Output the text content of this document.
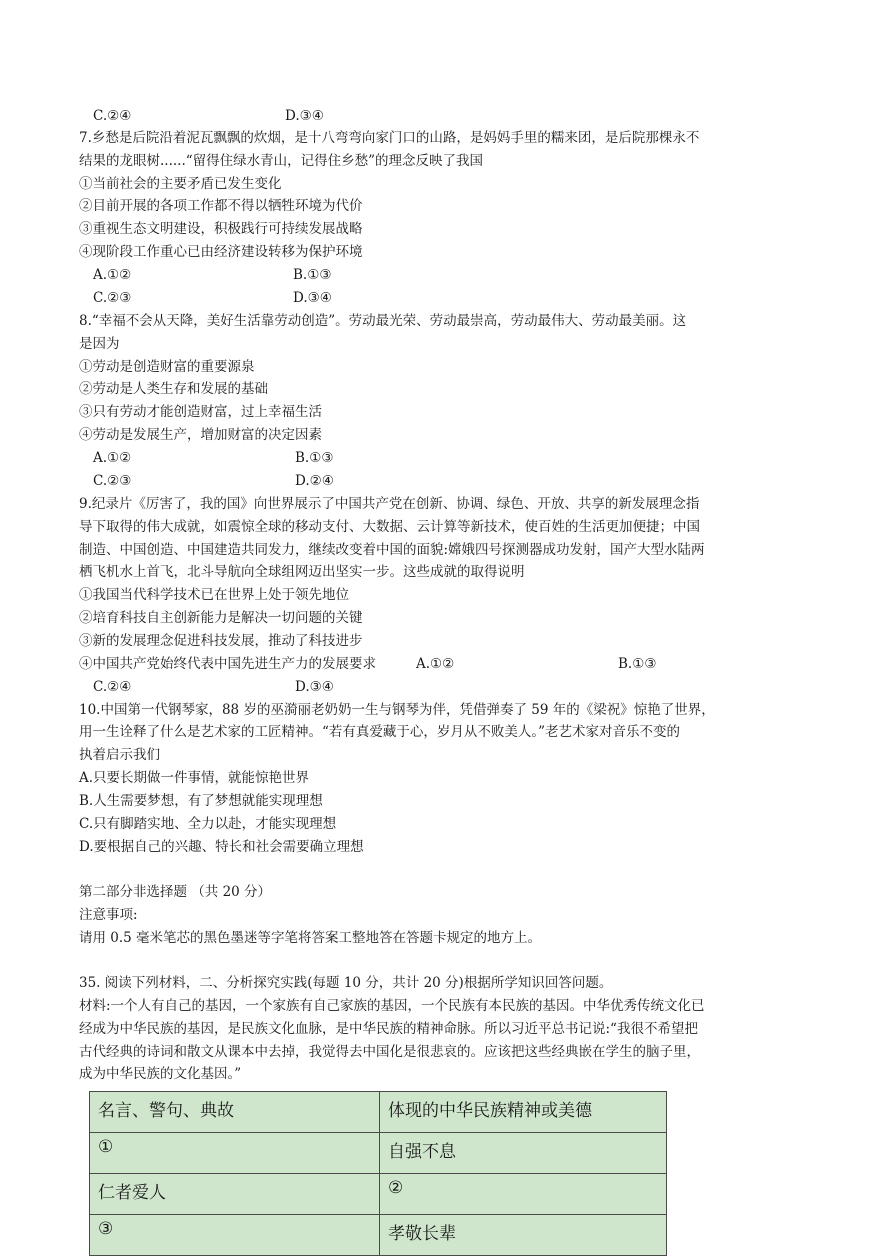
C.②④	D.③④
7.乡愁是后院沿着泥瓦飘飘的炊烟，是十八弯弯向家门口的山路，是妈妈手里的糯来团，是后院那棵永不
结果的龙眼树......“留得住绿水青山，记得住乡愁”的理念反映了我国
①当前社会的主要矛盾已发生变化
②目前开展的各项工作都不得以牺牲环境为代价
③重视生态文明建设，积极践行可持续发展战略
④现阶段工作重心已由经济建设转移为保护环境
A.①②	B.①③
C.②③	D.③④
8.“幸福不会从天降，美好生活靠劳动创造”。劳动最光荣、劳动最崇高，劳动最伟大、劳动最美丽。这
是因为
①劳动是创造财富的重要源泉
②劳动是人类生存和发展的基础
③只有劳动才能创造财富，过上幸福生活
④劳动是发展生产，增加财富的决定因素
A.①②	B.①③
C.②③	D.②④
9.纪录片《厉害了，我的国》向世界展示了中国共产党在创新、协调、绿色、开放、共享的新发展理念指
导下取得的伟大成就，如震惊全球的移动支付、大数据、云计算等新技术，使百姓的生活更加便捷；中国
制造、中国创造、中国建造共同发力，继续改变着中国的面貌:嫦娥四号探测器成功发射，国产大型水陆两
栖飞机水上首飞，北斗导航向全球组网迈出坚实一步。这些成就的取得说明
①我国当代科学技术已在世界上处于领先地位
②培育科技自主创新能力是解决一切问题的关键
③新的发展理念促进科技发展，推动了科技进步
④中国共产党始终代表中国先进生产力的发展要求	A.①②	B.①③
C.②④	D.③④
10.中国第一代钢琴家，88 岁的巫漪丽老奶奶一生与钢琴为伴，凭借弹奏了 59 年的《梁祝》惊艳了世界，
用一生诠释了什么是艺术家的工匠精神。“若有真爱藏于心，岁月从不败美人。”老艺术家对音乐不变的
执着启示我们
A.只要长期做一件事情，就能惊艳世界
B.人生需要梦想，有了梦想就能实现理想
C.只有脚踏实地、全力以赴，才能实现理想
D.要根据自己的兴趣、特长和社会需要确立理想
第二部分非选择题 （共 20 分）
注意事项:
请用 0.5 毫米笔芯的黑色墨迷等字笔将答案工整地答在答题卡规定的地方上。
35. 阅读下列材料，二、分析探究实践(每题 10 分，共计 20 分)根据所学知识回答问题。
材料:一个人有自己的基因，一个家族有自己家族的基因，一个民族有本民族的基因。中华优秀传统文化已
经成为中华民族的基因，是民族文化血脉，是中华民族的精神命脉。所以习近平总书记说:“我很不希望把
古代经典的诗词和散文从课本中去掉，我觉得去中国化是很悲哀的。应该把这些经典嵌在学生的脑子里，
成为中华民族的文化基因。”
名言、警句、典故	体现的中华民族精神或美德
①	自强不息
仁者爱人	②
③	孝敬长辈
